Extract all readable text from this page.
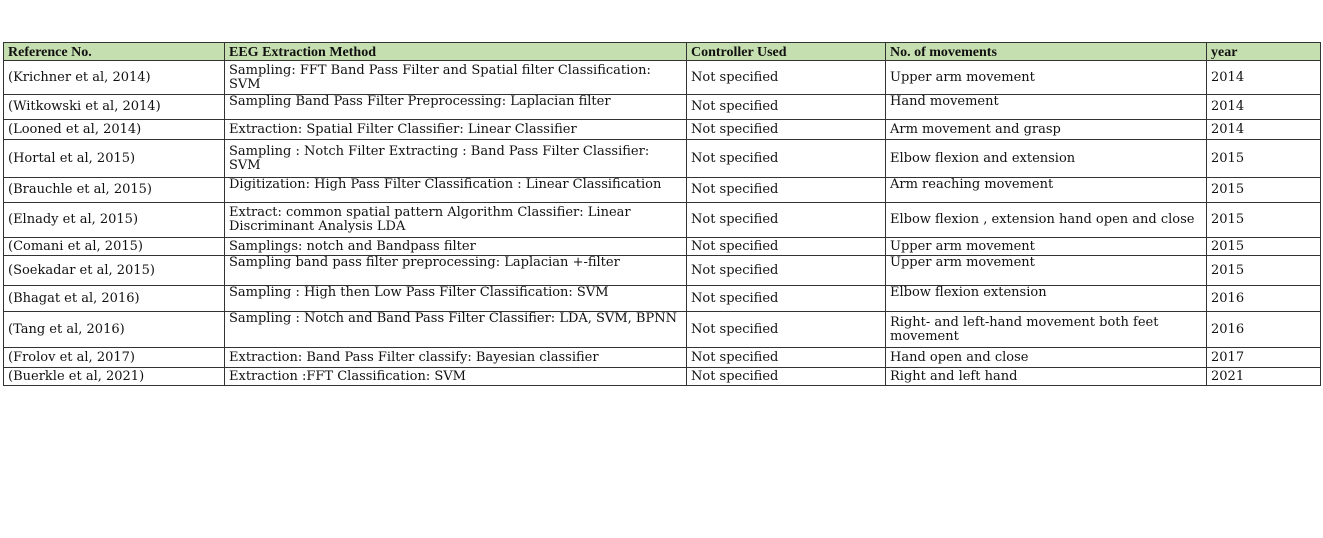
Reference No.	EEG Extraction Method	Controller Used	No. of movements	year
(Krichner et al, 2014)	Sampling: FFT Band Pass Filter and Spatial filter Classification: SVM	Not specified	Upper arm movement	2014
(Witkowski et al, 2014)	Sampling Band Pass Filter Preprocessing: Laplacian filter	Not specified	Hand movement	2014
(Looned et al, 2014)	Extraction: Spatial Filter Classifier: Linear Classifier	Not specified	Arm movement and grasp	2014
(Hortal et al, 2015)	Sampling : Notch Filter Extracting : Band Pass Filter Classifier: SVM	Not specified	Elbow flexion and extension	2015
(Brauchle et al, 2015)	Digitization: High Pass Filter Classification : Linear Classification	Not specified	Arm reaching movement	2015
(Elnady et al, 2015)	Extract: common spatial pattern Algorithm Classifier: Linear Discriminant Analysis LDA	Not specified	Elbow flexion , extension hand open and close	2015
(Comani et al, 2015)	Samplings: notch and Bandpass filter	Not specified	Upper arm movement	2015
(Soekadar et al, 2015)	Sampling band pass filter preprocessing: Laplacian +-filter	Not specified	Upper arm movement	2015
(Bhagat et al, 2016)	Sampling : High then Low Pass Filter Classification: SVM	Not specified	Elbow flexion extension	2016
(Tang et al, 2016)	Sampling : Notch and Band Pass Filter Classifier: LDA, SVM, BPNN	Not specified	Right- and left-hand movement both feet movement	2016
(Frolov et al, 2017)	Extraction: Band Pass Filter classify: Bayesian classifier	Not specified	Hand open and close	2017
(Buerkle et al, 2021)	Extraction :FFT Classification: SVM	Not specified	Right and left hand	2021
